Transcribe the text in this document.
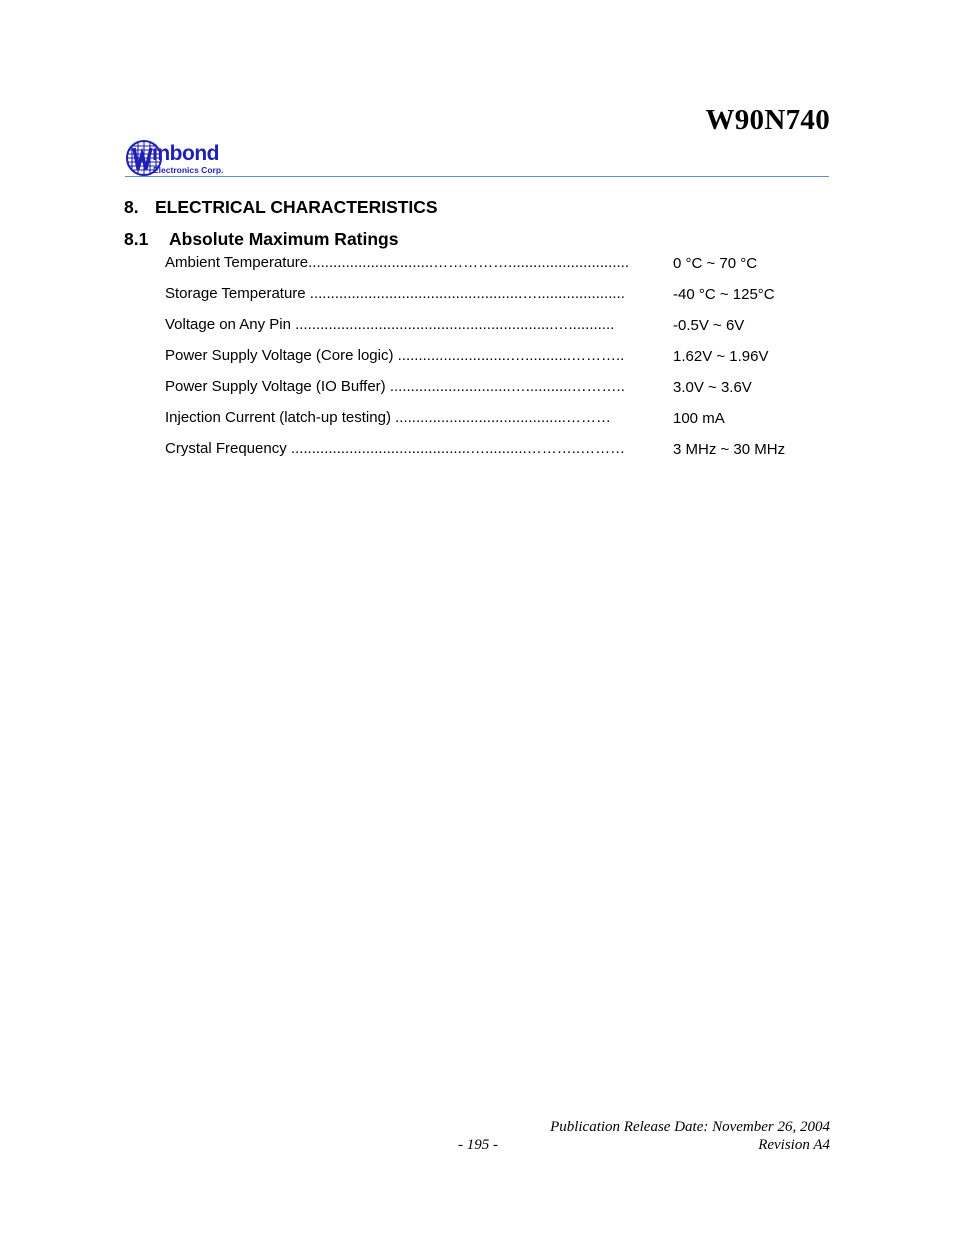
W90N740
inbond
Electronics Corp.
8. ELECTRICAL CHARACTERISTICS
8.1 Absolute Maximum Ratings
Ambient Temperature..............................…………….............................	0 °C ~ 70 °C
Storage Temperature ...................................................….....................	-40 °C ~ 125°C
Voltage on Any Pin ..............................................................…...........	-0.5V ~ 6V
Power Supply Voltage (Core logic) ...........................…...........………..	1.62V ~ 1.96V
Power Supply Voltage (IO Buffer) .............................…...........………..	3.0V ~ 3.6V
Injection Current (latch-up testing) .........................................………	100 mA
Crystal Frequency ...........................................…..........………..………	3 MHz ~ 30 MHz
Publication Release Date: November 26, 2004
- 195 -	Revision A4
